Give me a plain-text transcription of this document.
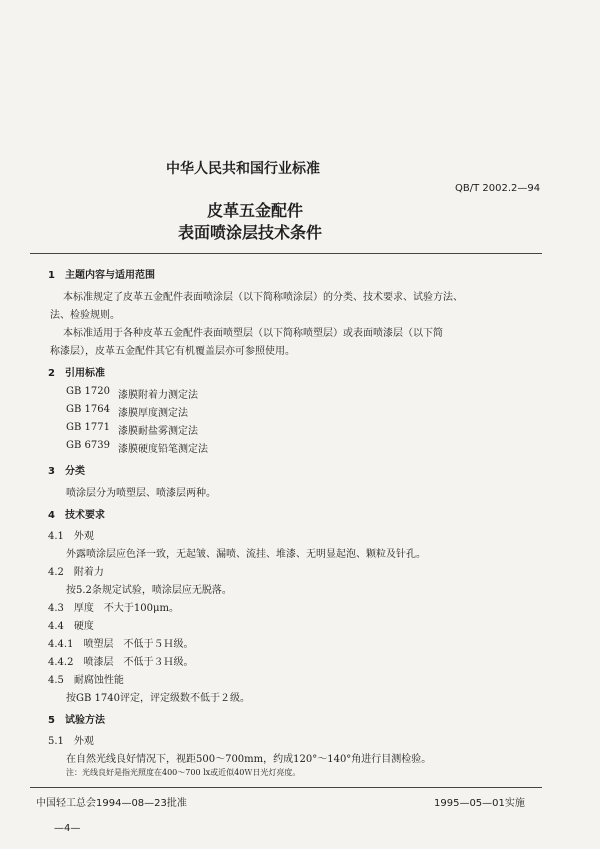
中华人民共和国行业标准
QB/T 2002.2—94
皮革五金配件
表面喷涂层技术条件
1　主题内容与适用范围
本标准规定了皮革五金配件表面喷涂层（以下简称喷涂层）的分类、技术要求、试验方法、
法、检验规则。
本标准适用于各种皮革五金配件表面喷塑层（以下简称喷塑层）或表面喷漆层（以下简
称漆层），皮革五金配件其它有机覆盖层亦可参照使用。
2　引用标准
GB 1720 漆膜附着力测定法
GB 1764 漆膜厚度测定法
GB 1771 漆膜耐盐雾测定法
GB 6739 漆膜硬度铅笔测定法
3　分类
喷涂层分为喷塑层、喷漆层两种。
4　技术要求
4.1　外观
外露喷涂层应色泽一致，无起皱、漏喷、流挂、堆漆、无明显起泡、颗粒及针孔。
4.2　附着力
按5.2条规定试验，喷涂层应无脱落。
4.3　厚度　不大于100μm。
4.4　硬度
4.4.1　喷塑层　不低于５Ｈ级。
4.4.2　喷漆层　不低于３Ｈ级。
4.5　耐腐蚀性能
按GB 1740评定，评定级数不低于２级。
5　试验方法
5.1　外观
在自然光线良好情况下，视距500～700mm，约成120°～140°角进行目测检验。
注：光线良好是指光照度在400～700 lx或近似40Ｗ日光灯亮度。
中国轻工总会1994—08—23批准	1995—05—01实施
—4—
